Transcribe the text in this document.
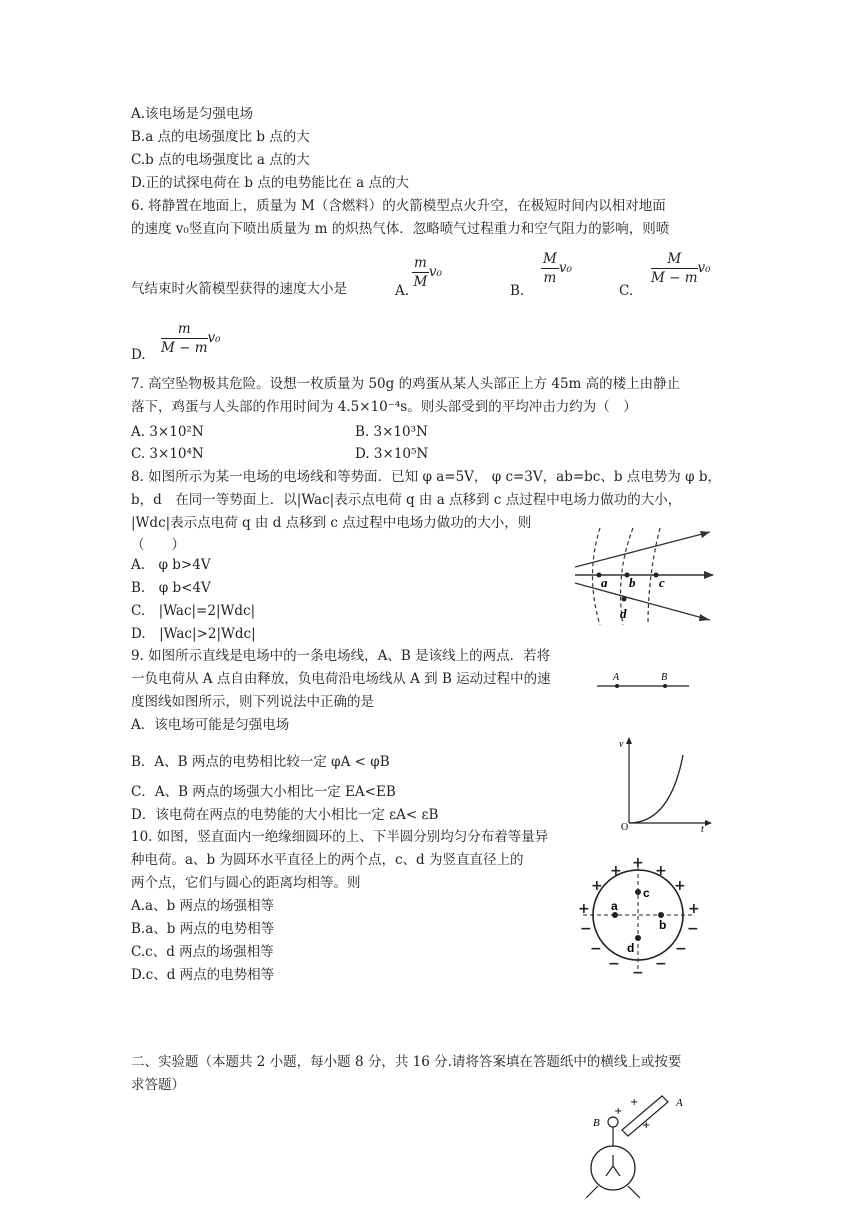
A.该电场是匀强电场
B.a 点的电场强度比 b 点的大
C.b 点的电场强度比 a 点的大
D.正的试探电荷在 b 点的电势能比在 a 点的大
6. 将静置在地面上，质量为 M（含燃料）的火箭模型点火升空，在极短时间内以相对地面
的速度 v₀竖直向下喷出质量为 m 的炽热气体．忽略喷气过程重力和空气阻力的影响，则喷
气结束时火箭模型获得的速度大小是	A. $\frac{m}{M} v_0$
B.
$\frac{M}{m} v_0$
C.
$\frac{M}{M - m} v_0$
D. $\frac{m}{M - m} v_0$
7. 高空坠物极其危险。设想一枚质量为 50g 的鸡蛋从某人头部正上方 45m 高的楼上由静止
落下，鸡蛋与人头部的作用时间为 4.5×10⁻⁴s。则头部受到的平均冲击力约为（　）
A. 3×10²N	B. 3×10³N
C. 3×10⁴N	D. 3×10⁵N
8. 如图所示为某一电场的电场线和等势面．已知 φ a=5V， φ c=3V，ab=bc、b 点电势为 φ b，
b，d　在同一等势面上．以|Wac|表示点电荷 q 由 a 点移到 c 点过程中电场力做功的大小，
|Wdc|表示点电荷 q 由 d 点移到 c 点过程中电场力做功的大小，则
（　　）
A.　φ b>4V
B.　φ b<4V
C.　|Wac|=2|Wdc|
D.　|Wac|>2|Wdc|
a b c
d
9. 如图所示直线是电场中的一条电场线，A、B 是该线上的两点．若将
一负电荷从 A 点自由释放，负电荷沿电场线从 A 到 B 运动过程中的速
度图线如图所示，则下列说法中正确的是
A．该电场可能是匀强电场
B．A、B 两点的电势相比较一定 φA < φB
C．A、B 两点的场强大小相比一定 EA<EB
D．该电荷在两点的电势能的大小相比一定 εA< εB
A	B
v
O	t
10. 如图，竖直面内一绝缘细圆环的上、下半圆分别均匀分布着等量异
种电荷。a、b 为圆环水平直径上的两个点，c、d 为竖直直径上的
两个点，它们与圆心的距离均相等。则
A.a、b 两点的场强相等
B.a、b 两点的电势相等
C.c、d 两点的场强相等
D.c、d 两点的电势相等
+
+ +
+	+
+	+
−	−
−	−
−	−
−
a
b
c
d
二、实验题（本题共 2 小题，每小题 8 分，共 16 分.请将答案填在答题纸中的横线上或按要
求答题）
A
+
+
+
B
